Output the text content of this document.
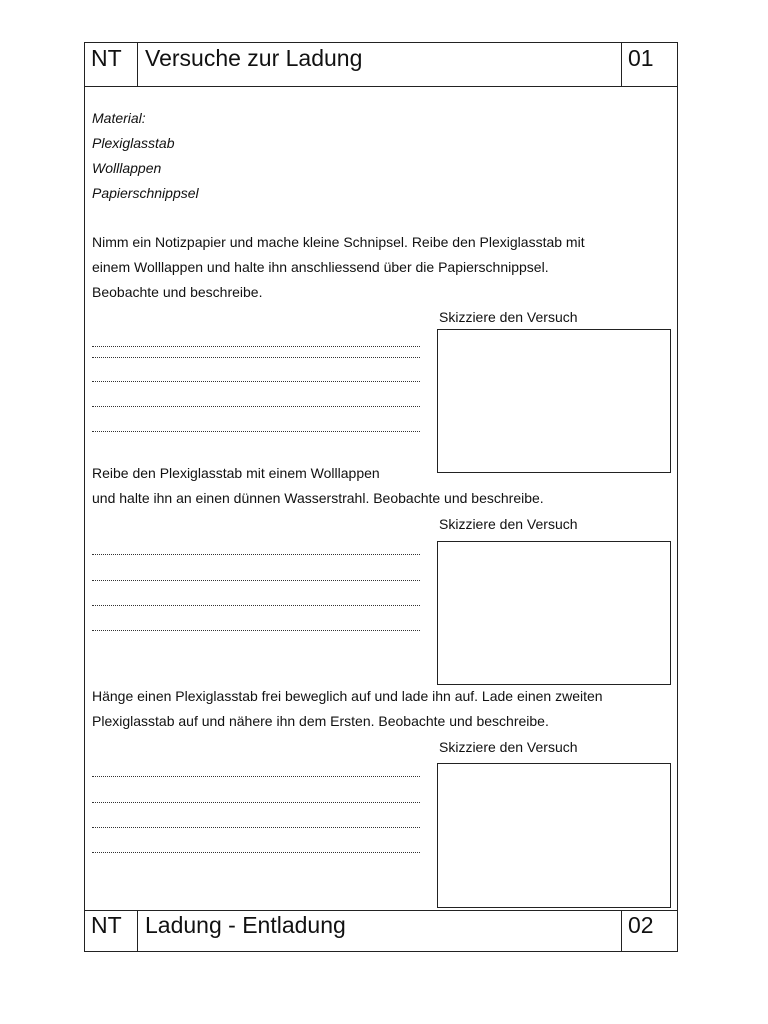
NT Versuche zur Ladung	01
Material:
Plexiglasstab
Wolllappen
Papierschnippsel
Nimm ein Notizpapier und mache kleine Schnipsel. Reibe den Plexiglasstab mit
einem Wolllappen und halte ihn anschliessend über die Papierschnippsel.
Beobachte und beschreibe.
Skizziere den Versuch
Reibe den Plexiglasstab mit einem Wolllappen
und halte ihn an einen dünnen Wasserstrahl. Beobachte und beschreibe.
Skizziere den Versuch
Hänge einen Plexiglasstab frei beweglich auf und lade ihn auf. Lade einen zweiten
Plexiglasstab auf und nähere ihn dem Ersten. Beobachte und beschreibe.
Skizziere den Versuch
NT Ladung - Entladung	02
